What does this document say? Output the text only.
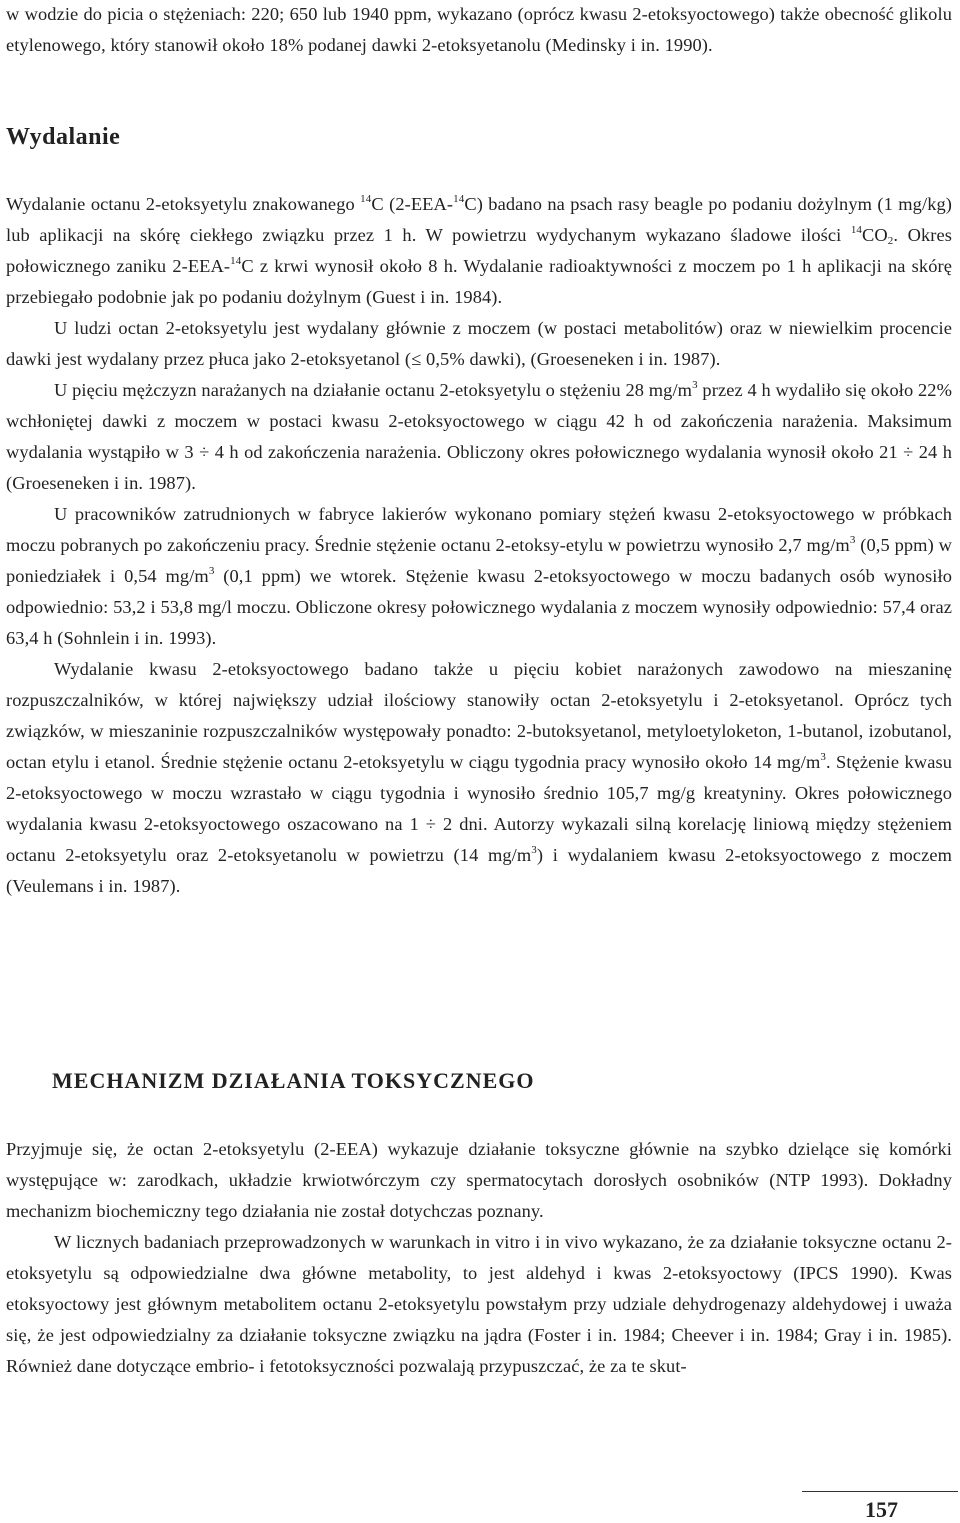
w wodzie do picia o stężeniach: 220; 650 lub 1940 ppm, wykazano (oprócz kwasu 2-etoksyoctowego) także obecność glikolu etylenowego, który stanowił około 18% podanej dawki 2-etoksyetanolu (Medinsky i in. 1990).

Wydalanie

Wydalanie octanu 2-etoksyetylu znakowanego $^{14}$C (2-EEA-$^{14}$C) badano na psach rasy beagle po podaniu dożylnym (1 mg/kg) lub aplikacji na skórę ciekłego związku przez 1 h. W powietrzu wydychanym wykazano śladowe ilości $^{14}CO_2$. Okres połowicznego zaniku 2-EEA-$^{14}$C z krwi wynosił około 8 h. Wydalanie radioaktywności z moczem po 1 h aplikacji na skórę przebiegało podobnie jak po podaniu dożylnym (Guest i in. 1984).

U ludzi octan 2-etoksyetylu jest wydalany głównie z moczem (w postaci metabolitów) oraz w niewielkim procencie dawki jest wydalany przez płuca jako 2-etoksyetanol (≤ 0,5% dawki), (Groeseneken i in. 1987).

U pięciu mężczyzn narażanych na działanie octanu 2-etoksyetylu o stężeniu 28 $mg/m^3$ przez 4 h wydaliło się około 22% wchłoniętej dawki z moczem w postaci kwasu 2-etoksyoctowego w ciągu 42 h od zakończenia narażenia. Maksimum wydalania wystąpiło w 3 ÷ 4 h od zakończenia narażenia. Obliczony okres połowicznego wydalania wynosił około 21 ÷ 24 h (Groeseneken i in. 1987).

U pracowników zatrudnionych w fabryce lakierów wykonano pomiary stężeń kwasu 2-etoksyoctowego w próbkach moczu pobranych po zakończeniu pracy. Średnie stężenie octanu 2-etoksy-etylu w powietrzu wynosiło 2,7 $mg/m^3$ (0,5 ppm) w poniedziałek i 0,54 $mg/m^3$ (0,1 ppm) we wtorek. Stężenie kwasu 2-etoksyoctowego w moczu badanych osób wynosiło odpowiednio: 53,2 i 53,8 mg/l moczu. Obliczone okresy połowicznego wydalania z moczem wynosiły odpowiednio: 57,4 oraz 63,4 h (Sohnlein i in. 1993).

Wydalanie kwasu 2-etoksyoctowego badano także u pięciu kobiet narażonych zawodowo na mieszaninę rozpuszczalników, w której największy udział ilościowy stanowiły octan 2-etoksyetylu i 2-etoksyetanol. Oprócz tych związków, w mieszaninie rozpuszczalników występowały ponadto: 2-butoksyetanol, metyloetyloketon, 1-butanol, izobutanol, octan etylu i etanol. Średnie stężenie octanu 2-etoksyetylu w ciągu tygodnia pracy wynosiło około 14 $mg/m^3$. Stężenie kwasu 2-etoksyoctowego w moczu wzrastało w ciągu tygodnia i wynosiło średnio 105,7 mg/g kreatyniny. Okres połowicznego wydalania kwasu 2-etoksyoctowego oszacowano na 1 ÷ 2 dni. Autorzy wykazali silną korelację liniową między stężeniem octanu 2-etoksyetylu oraz 2-etoksyetanolu w powietrzu (14 $mg/m^3$) i wydalaniem kwasu 2-etoksyoctowego z moczem (Veulemans i in. 1987).

MECHANIZM DZIAŁANIA TOKSYCZNEGO

Przyjmuje się, że octan 2-etoksyetylu (2-EEA) wykazuje działanie toksyczne głównie na szybko dzielące się komórki występujące w: zarodkach, układzie krwiotwórczym czy spermatocytach dorosłych osobników (NTP 1993). Dokładny mechanizm biochemiczny tego działania nie został dotychczas poznany.

W licznych badaniach przeprowadzonych w warunkach in vitro i in vivo wykazano, że za działanie toksyczne octanu 2-etoksyetylu są odpowiedzialne dwa główne metabolity, to jest aldehyd i kwas 2-etoksyoctowy (IPCS 1990). Kwas etoksyoctowy jest głównym metabolitem octanu 2-etoksyetylu powstałym przy udziale dehydrogenazy aldehydowej i uważa się, że jest odpowiedzialny za działanie toksyczne związku na jądra (Foster i in. 1984; Cheever i in. 1984; Gray i in. 1985). Również dane dotyczące embrio- i fetotoksyczności pozwalają przypuszczać, że za te skut-

157
